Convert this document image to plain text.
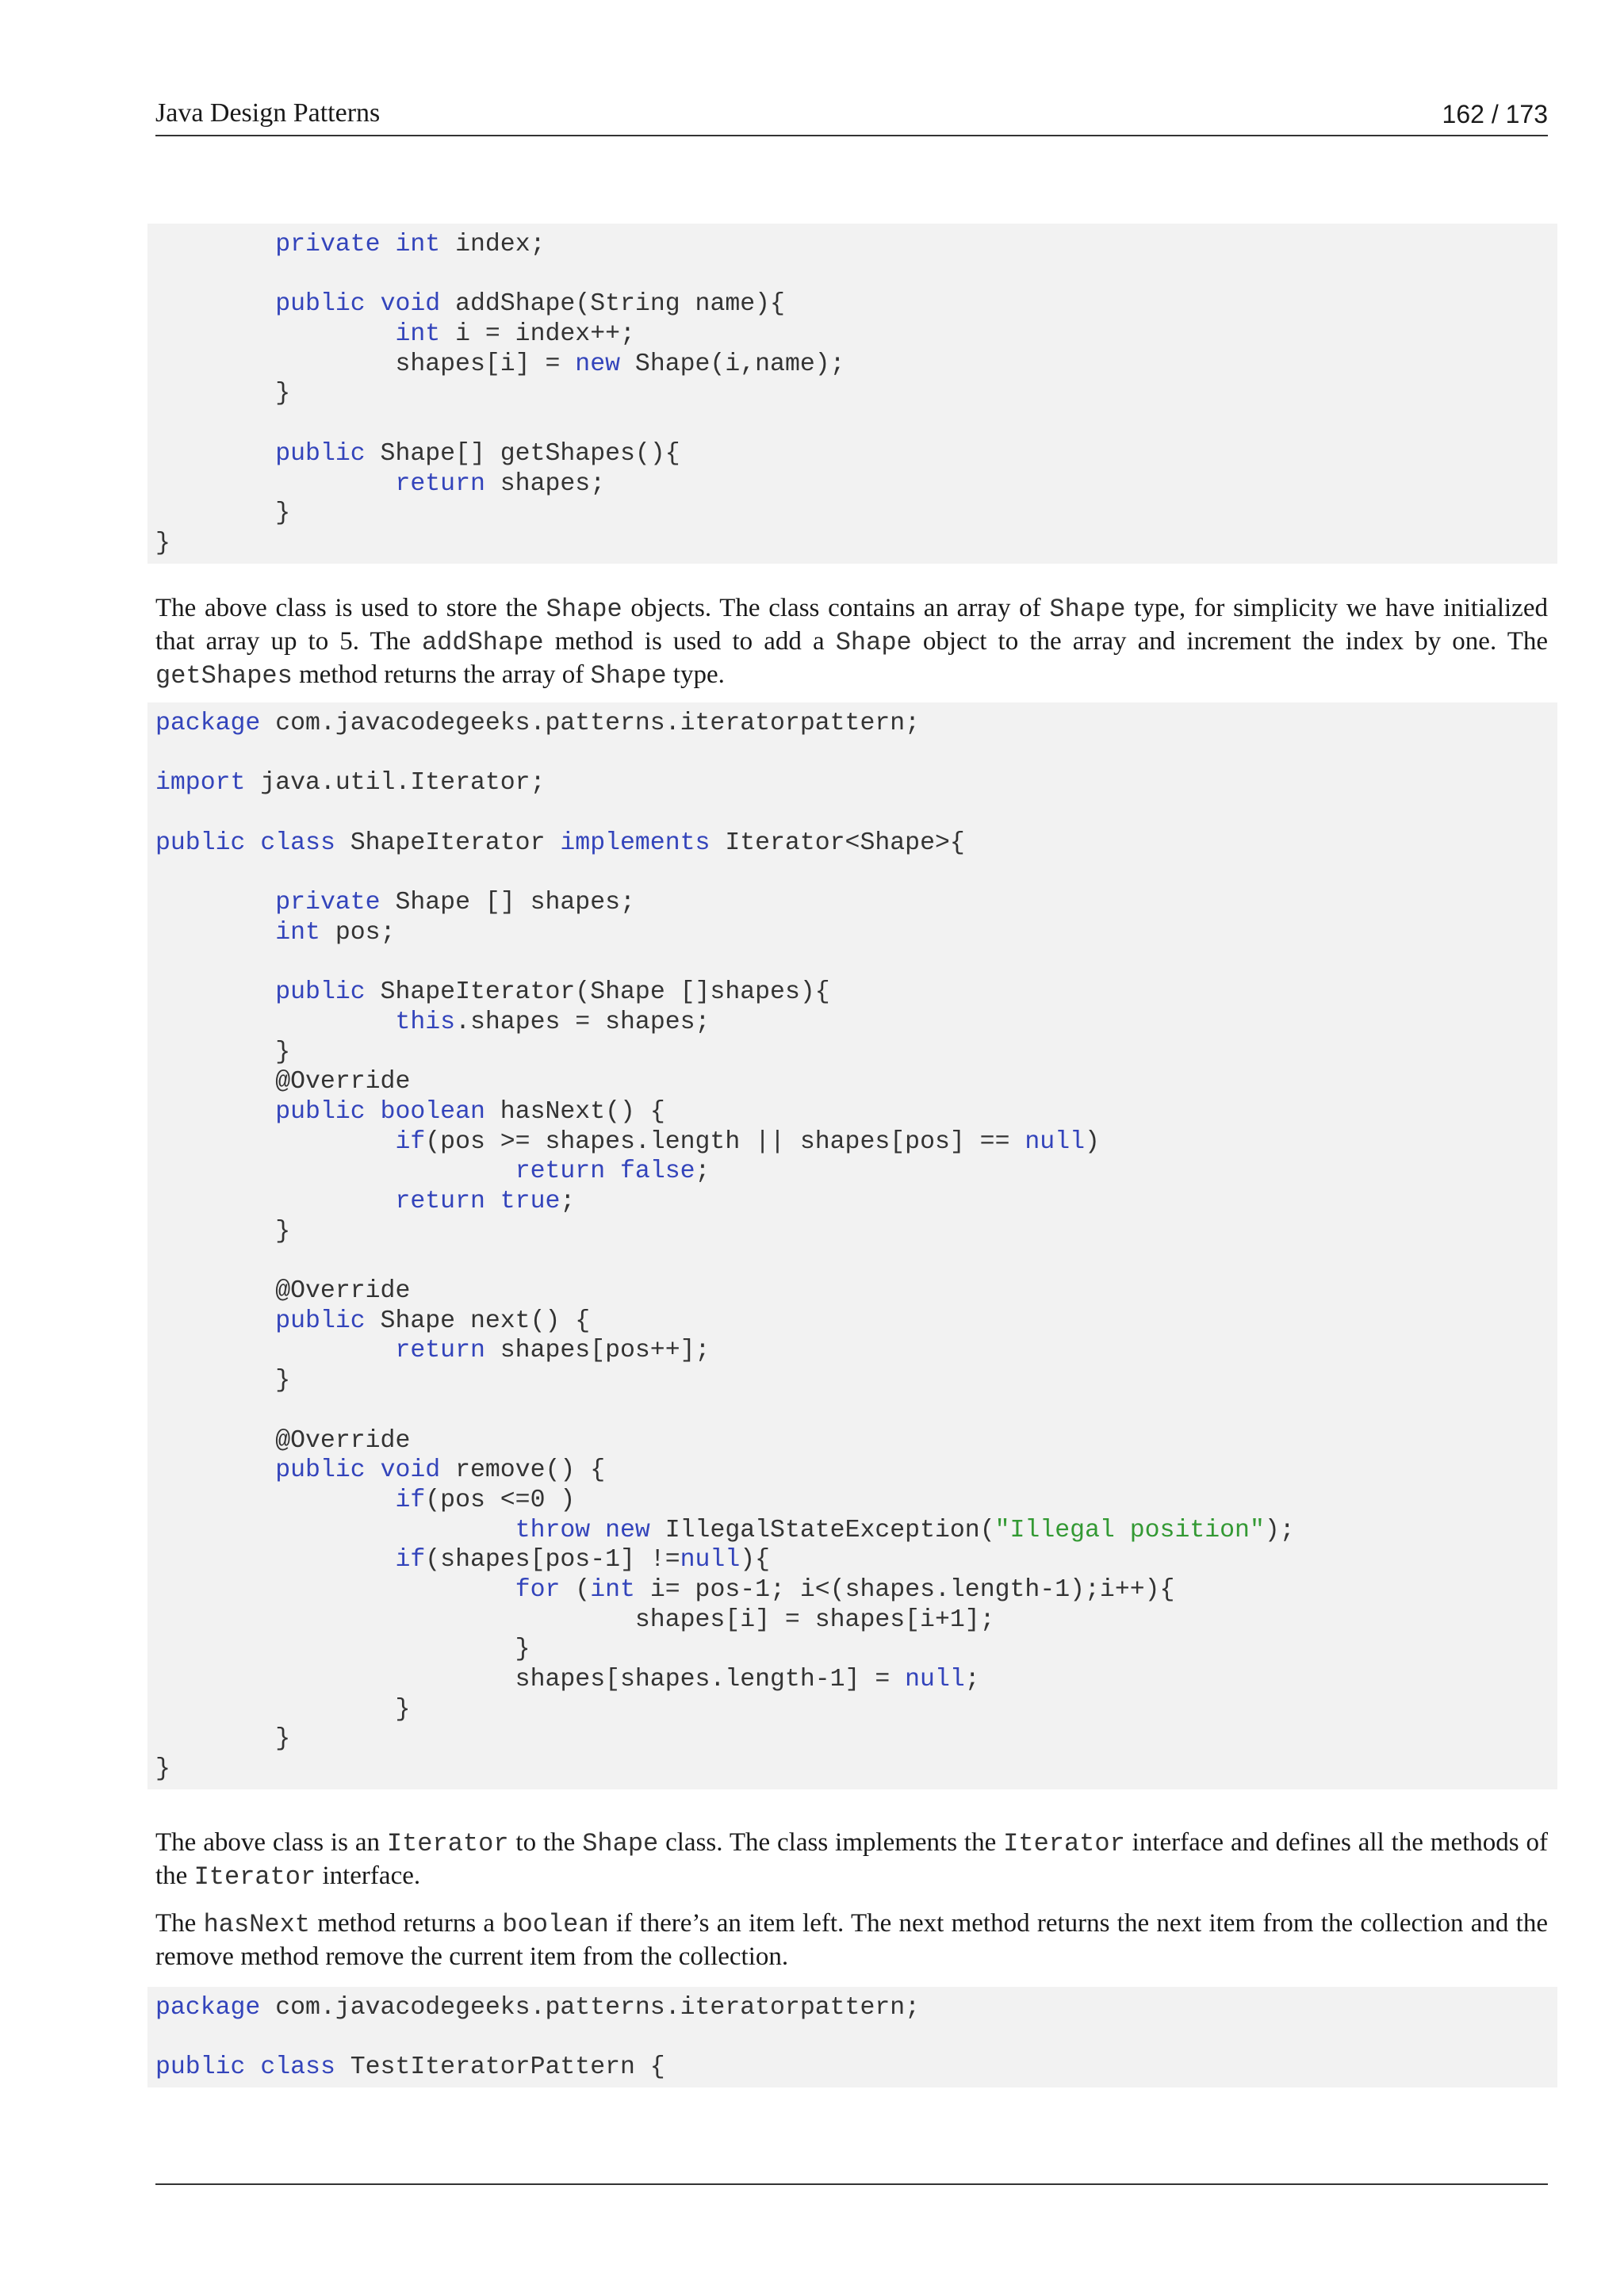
Java Design Patterns	162 / 173
private int index;

public void addShape(String name){
int i = index++;
shapes[i] = new Shape(i,name);
}

public Shape[] getShapes(){
return shapes;
}
}

The above class is used to store the Shape objects. The class contains an array of Shape type, for simplicity we have initialized that array up to 5. The addShape method is used to add a Shape object to the array and increment the index by one. The getShapes method returns the array of Shape type.

package com.javacodegeeks.patterns.iteratorpattern;

import java.util.Iterator;

public class ShapeIterator implements Iterator<Shape>{

private Shape [] shapes;
int pos;

public ShapeIterator(Shape []shapes){
this.shapes = shapes;
}
@Override
public boolean hasNext() {
if(pos >= shapes.length || shapes[pos] == null)
return false;
return true;
}

@Override
public Shape next() {
return shapes[pos++];
}

@Override
public void remove() {
if(pos <=0 )
throw new IllegalStateException("Illegal position");
if(shapes[pos-1] !=null){
for (int i= pos-1; i<(shapes.length-1);i++){
shapes[i] = shapes[i+1];
}
shapes[shapes.length-1] = null;
}
}
}

The above class is an Iterator to the Shape class. The class implements the Iterator interface and defines all the methods of the Iterator interface.

The hasNext method returns a boolean if there’s an item left. The next method returns the next item from the collection and the remove method remove the current item from the collection.

package com.javacodegeeks.patterns.iteratorpattern;

public class TestIteratorPattern {
